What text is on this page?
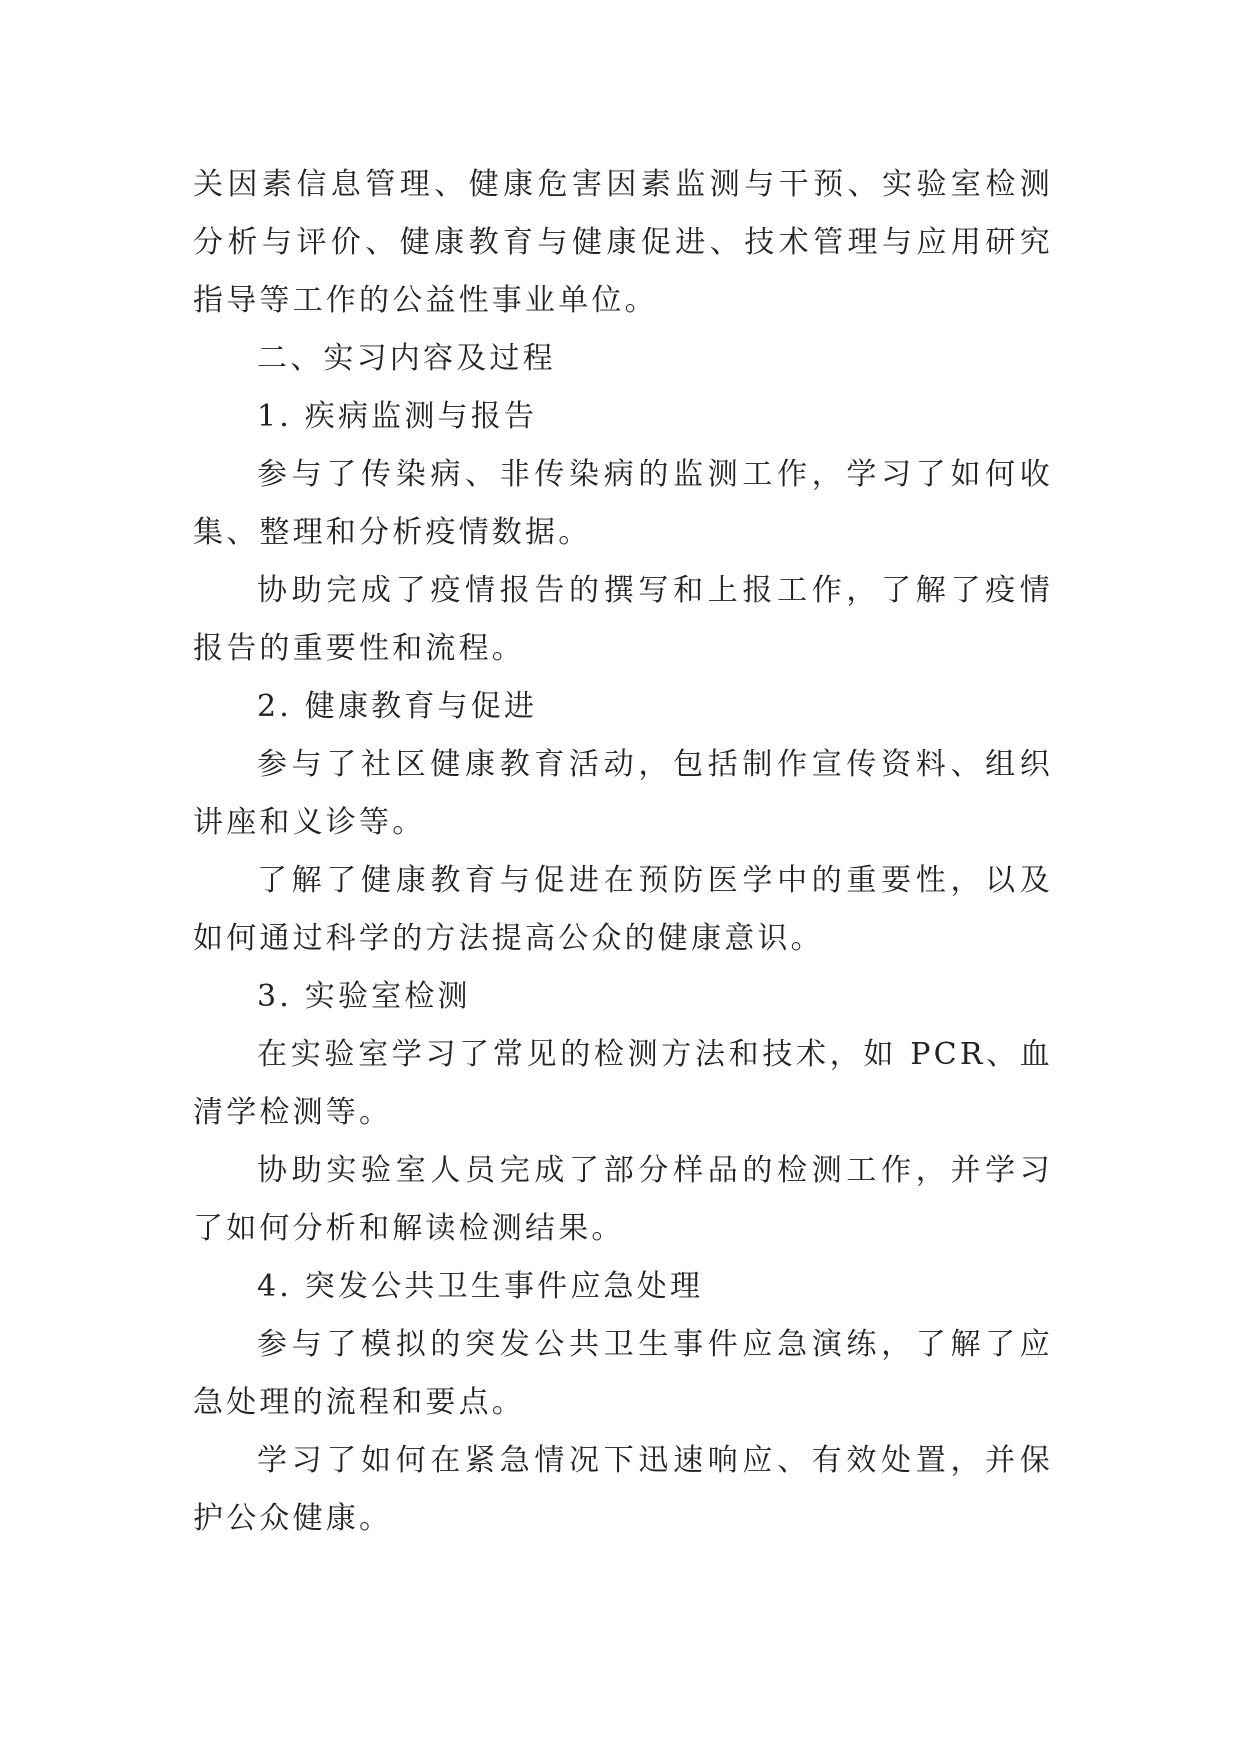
关因素信息管理、健康危害因素监测与干预、实验室检测分析与评价、健康教育与健康促进、技术管理与应用研究指导等工作的公益性事业单位。

二、实习内容及过程

1. 疾病监测与报告

参与了传染病、非传染病的监测工作，学习了如何收集、整理和分析疫情数据。

协助完成了疫情报告的撰写和上报工作，了解了疫情报告的重要性和流程。

2. 健康教育与促进

参与了社区健康教育活动，包括制作宣传资料、组织讲座和义诊等。

了解了健康教育与促进在预防医学中的重要性，以及如何通过科学的方法提高公众的健康意识。

3. 实验室检测

在实验室学习了常见的检测方法和技术，如 PCR、血清学检测等。

协助实验室人员完成了部分样品的检测工作，并学习了如何分析和解读检测结果。

4. 突发公共卫生事件应急处理

参与了模拟的突发公共卫生事件应急演练，了解了应急处理的流程和要点。

学习了如何在紧急情况下迅速响应、有效处置，并保护公众健康。
